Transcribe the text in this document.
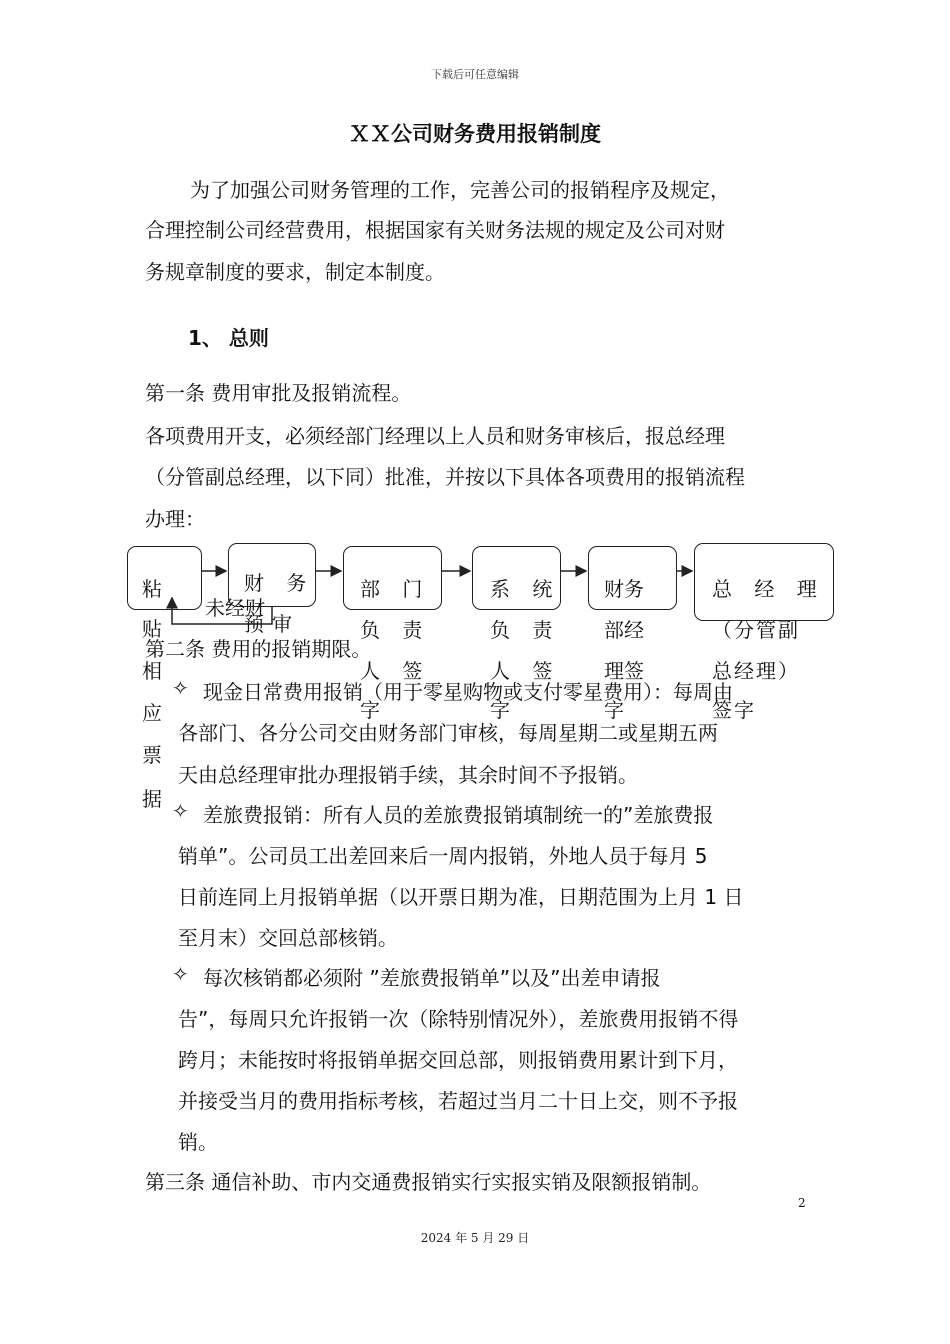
下载后可任意编辑
ＸＸ公司财务费用报销制度
为了加强公司财务管理的工作，完善公司的报销程序及规定，
合理控制公司经营费用，根据国家有关财务法规的规定及公司对财
务规章制度的要求，制定本制度。
1、 总则
第一条 费用审批及报销流程。
各项费用开支，必须经部门经理以上人员和财务审核后，报总经理
（分管副总经理，以下同）批准，并按以下具体各项费用的报销流程
办理：
粘
贴
相
应
票
据
财 务
预审
未经财
部 门
负 责
人 签
字
系 统
负 责
人 签
字
财务
部经
理签
字
总 经 理
（分管副
总经理）
签字
第二条 费用的报销期限。
✧ 现金日常费用报销（用于零星购物或支付零星费用）：每周由
各部门、各分公司交由财务部门审核，每周星期二或星期五两
天由总经理审批办理报销手续，其余时间不予报销。
✧ 差旅费报销：所有人员的差旅费报销填制统一的”差旅费报
销单”。公司员工出差回来后一周内报销，外地人员于每月 5
日前连同上月报销单据（以开票日期为准，日期范围为上月 1 日
至月末）交回总部核销。
✧ 每次核销都必须附 ”差旅费报销单”以及”出差申请报
告”，每周只允许报销一次（除特别情况外），差旅费用报销不得
跨月；未能按时将报销单据交回总部，则报销费用累计到下月，
并接受当月的费用指标考核，若超过当月二十日上交，则不予报
销。
第三条 通信补助、市内交通费报销实行实报实销及限额报销制。
2
2024 年 5 月 29 日
